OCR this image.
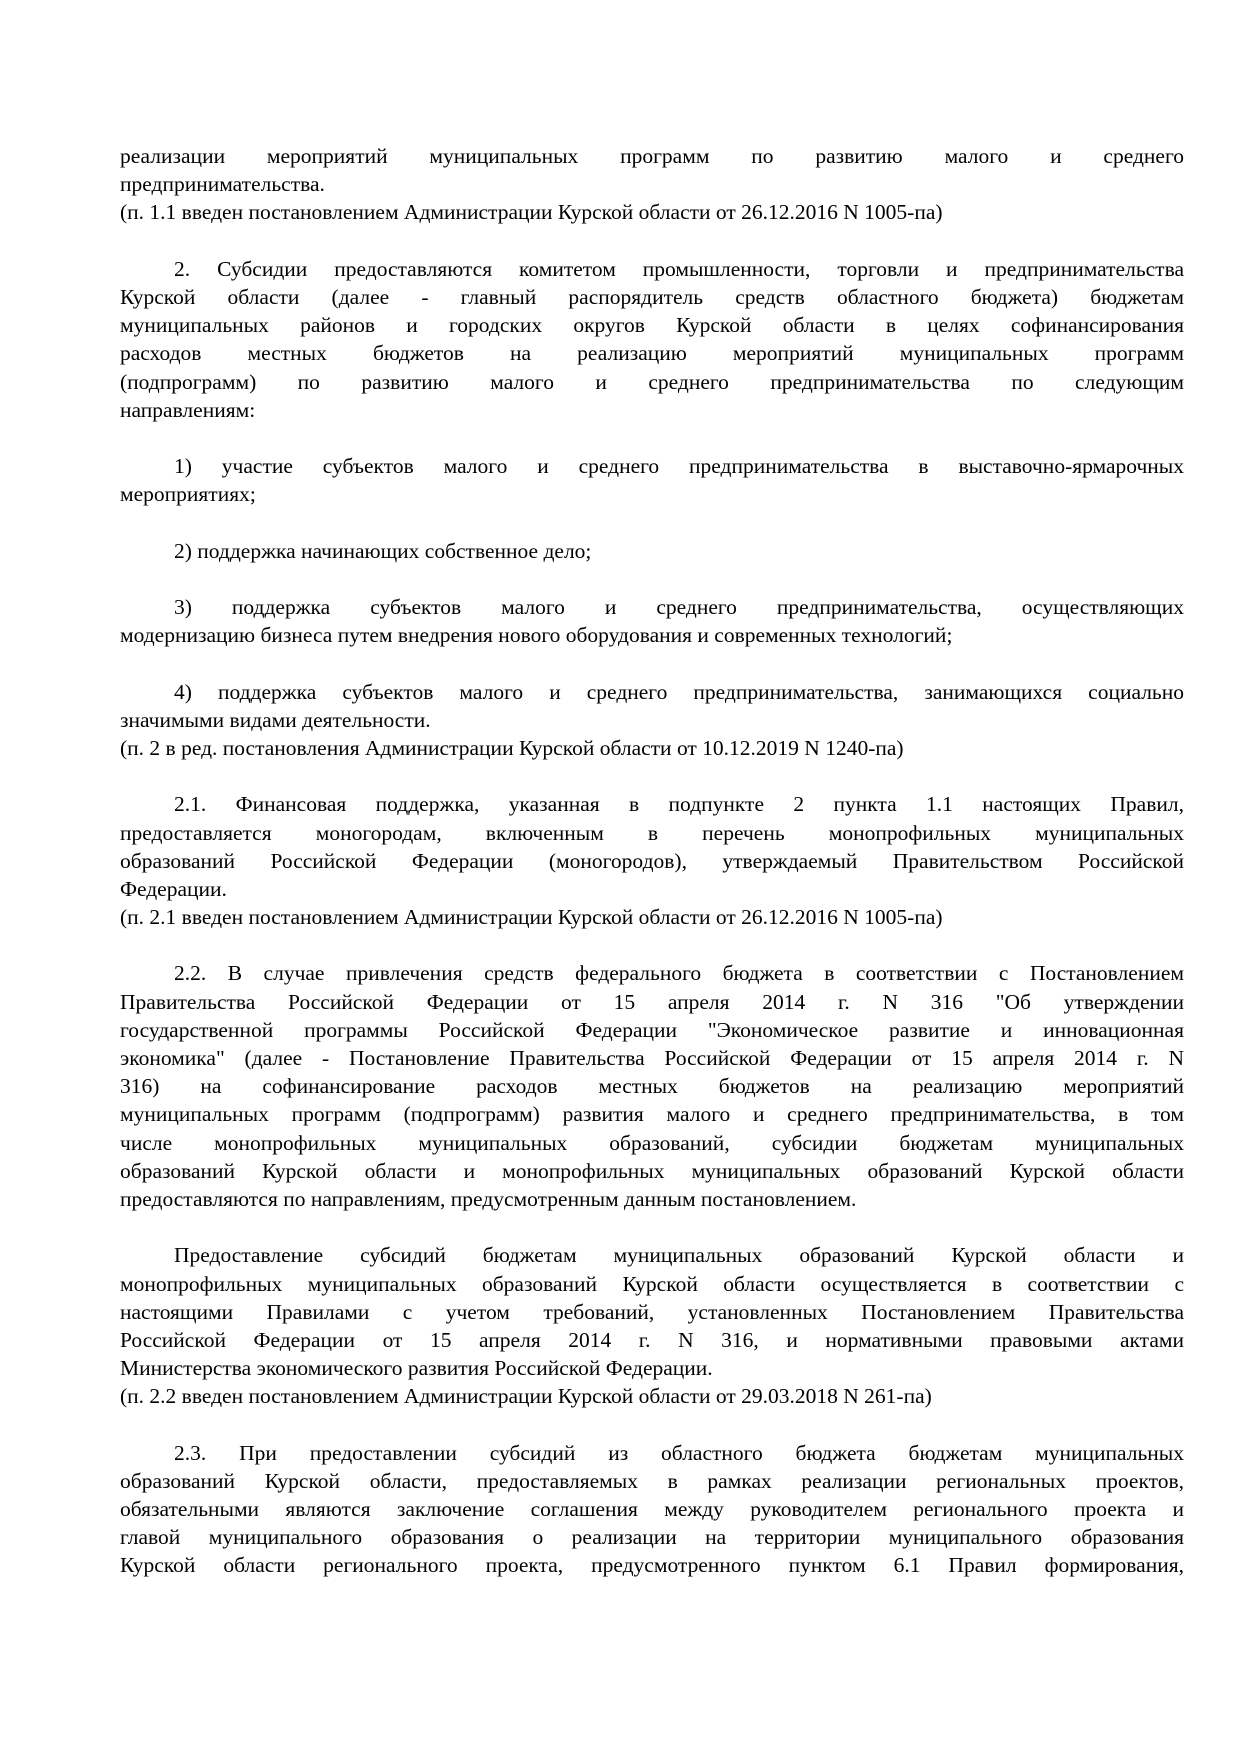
реализации мероприятий муниципальных программ по развитию малого и среднего
предпринимательства.
(п. 1.1 введен постановлением Администрации Курской области от 26.12.2016 N 1005-па)
2. Субсидии предоставляются комитетом промышленности, торговли и предпринимательства
Курской области (далее - главный распорядитель средств областного бюджета) бюджетам
муниципальных районов и городских округов Курской области в целях софинансирования
расходов местных бюджетов на реализацию мероприятий муниципальных программ
(подпрограмм) по развитию малого и среднего предпринимательства по следующим
направлениям:
1) участие субъектов малого и среднего предпринимательства в выставочно-ярмарочных
мероприятиях;
2) поддержка начинающих собственное дело;
3) поддержка субъектов малого и среднего предпринимательства, осуществляющих
модернизацию бизнеса путем внедрения нового оборудования и современных технологий;
4) поддержка субъектов малого и среднего предпринимательства, занимающихся социально
значимыми видами деятельности.
(п. 2 в ред. постановления Администрации Курской области от 10.12.2019 N 1240-па)
2.1. Финансовая поддержка, указанная в подпункте 2 пункта 1.1 настоящих Правил,
предоставляется моногородам, включенным в перечень монопрофильных муниципальных
образований Российской Федерации (моногородов), утверждаемый Правительством Российской
Федерации.
(п. 2.1 введен постановлением Администрации Курской области от 26.12.2016 N 1005-па)
2.2. В случае привлечения средств федерального бюджета в соответствии с Постановлением
Правительства Российской Федерации от 15 апреля 2014 г. N 316 "Об утверждении
государственной программы Российской Федерации "Экономическое развитие и инновационная
экономика" (далее - Постановление Правительства Российской Федерации от 15 апреля 2014 г. N
316) на софинансирование расходов местных бюджетов на реализацию мероприятий
муниципальных программ (подпрограмм) развития малого и среднего предпринимательства, в том
числе монопрофильных муниципальных образований, субсидии бюджетам муниципальных
образований Курской области и монопрофильных муниципальных образований Курской области
предоставляются по направлениям, предусмотренным данным постановлением.
Предоставление субсидий бюджетам муниципальных образований Курской области и
монопрофильных муниципальных образований Курской области осуществляется в соответствии с
настоящими Правилами с учетом требований, установленных Постановлением Правительства
Российской Федерации от 15 апреля 2014 г. N 316, и нормативными правовыми актами
Министерства экономического развития Российской Федерации.
(п. 2.2 введен постановлением Администрации Курской области от 29.03.2018 N 261-па)
2.3. При предоставлении субсидий из областного бюджета бюджетам муниципальных
образований Курской области, предоставляемых в рамках реализации региональных проектов,
обязательными являются заключение соглашения между руководителем регионального проекта и
главой муниципального образования о реализации на территории муниципального образования
Курской области регионального проекта, предусмотренного пунктом 6.1 Правил формирования,
